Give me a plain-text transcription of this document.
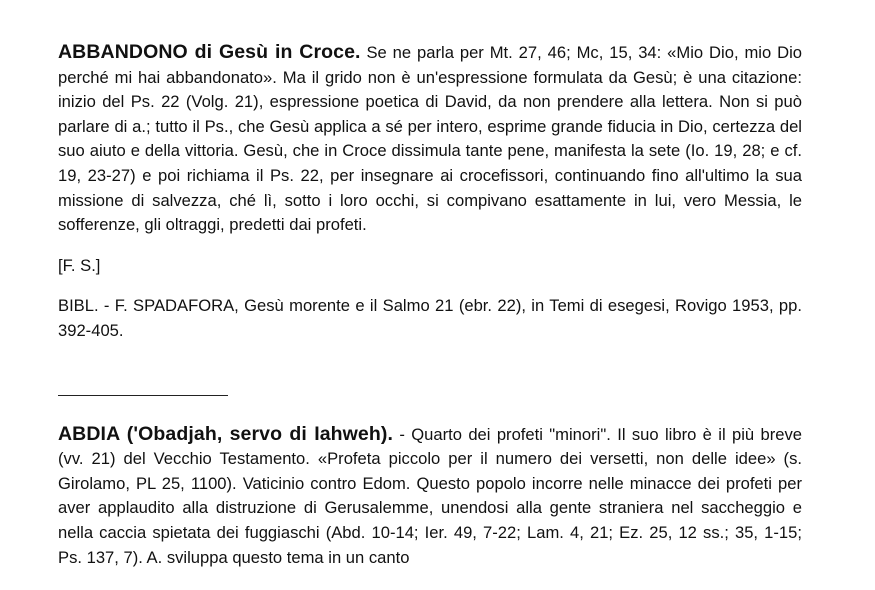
ABBANDONO di Gesù in Croce. Se ne parla per Mt. 27, 46; Mc, 15, 34: «Mio Dio, mio Dio perché mi hai abbandonato». Ma il grido non è un'espressione formulata da Gesù; è una citazione: inizio del Ps. 22 (Volg. 21), espressione poetica di David, da non prendere alla lettera. Non si può parlare di a.; tutto il Ps., che Gesù applica a sé per intero, esprime grande fiducia in Dio, certezza del suo aiuto e della vittoria. Gesù, che in Croce dissimula tante pene, manifesta la sete (Io. 19, 28; e cf. 19, 23-27) e poi richiama il Ps. 22, per insegnare ai crocefissori, continuando fino all'ultimo la sua missione di salvezza, ché lì, sotto i loro occhi, si compivano esattamente in lui, vero Messia, le sofferenze, gli oltraggi, predetti dai profeti.

[F. S.]

BIBL. - F. SPADAFORA, Gesù morente e il Salmo 21 (ebr. 22), in Temi di esegesi, Rovigo 1953, pp. 392-405.

ABDIA ('Obadjah, servo di Iahweh). - Quarto dei profeti "minori". Il suo libro è il più breve (vv. 21) del Vecchio Testamento. «Profeta piccolo per il numero dei versetti, non delle idee» (s. Girolamo, PL 25, 1100). Vaticinio contro Edom. Questo popolo incorre nelle minacce dei profeti per aver applaudito alla distruzione di Gerusalemme, unendosi alla gente straniera nel saccheggio e nella caccia spietata dei fuggiaschi (Abd. 10-14; Ier. 49, 7-22; Lam. 4, 21; Ez. 25, 12 ss.; 35, 1-15; Ps. 137, 7). A. sviluppa questo tema in un canto
